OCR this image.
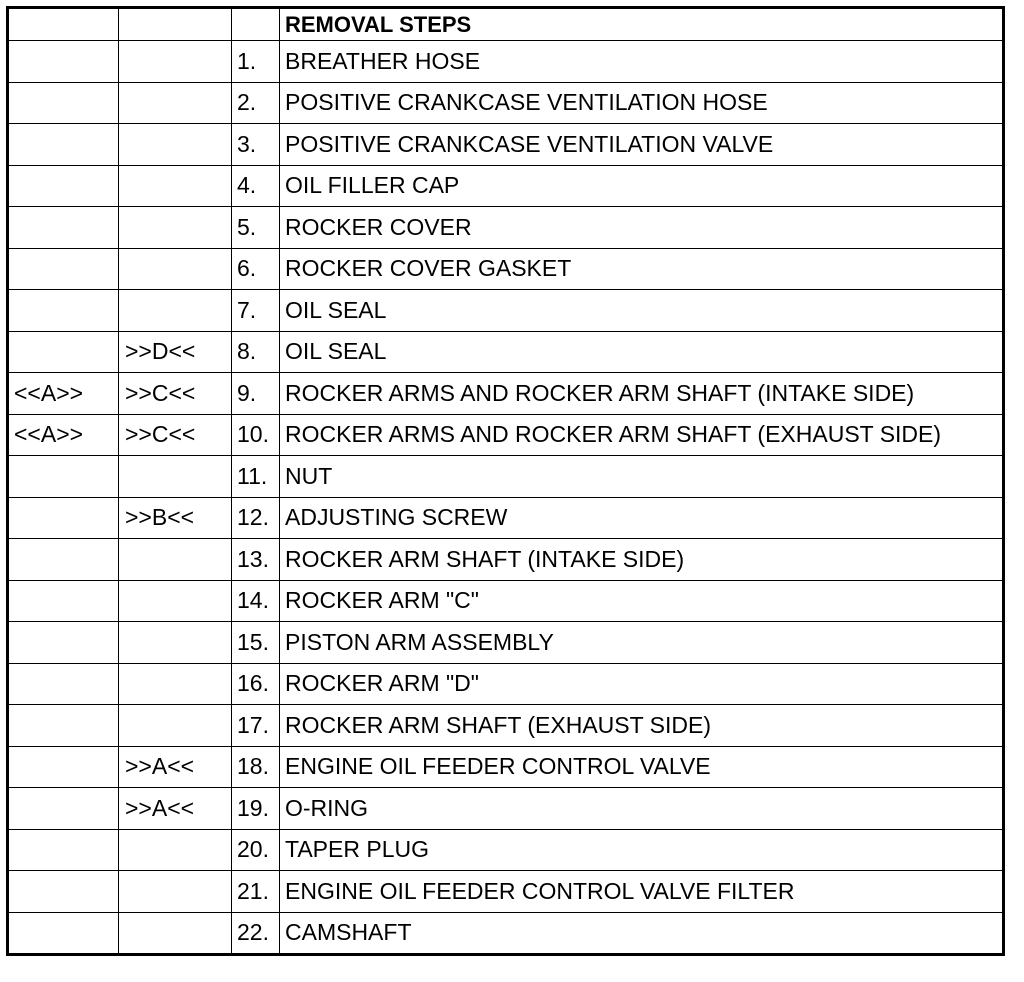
			REMOVAL STEPS
		1.	BREATHER HOSE
		2.	POSITIVE CRANKCASE VENTILATION HOSE
		3.	POSITIVE CRANKCASE VENTILATION VALVE
		4.	OIL FILLER CAP
		5.	ROCKER COVER
		6.	ROCKER COVER GASKET
		7.	OIL SEAL
	>>D<<	8.	OIL SEAL
<<A>>	>>C<<	9.	ROCKER ARMS AND ROCKER ARM SHAFT (INTAKE SIDE)
<<A>>	>>C<<	10.	ROCKER ARMS AND ROCKER ARM SHAFT (EXHAUST SIDE)
		11.	NUT
	>>B<<	12.	ADJUSTING SCREW
		13.	ROCKER ARM SHAFT (INTAKE SIDE)
		14.	ROCKER ARM "C"
		15.	PISTON ARM ASSEMBLY
		16.	ROCKER ARM "D"
		17.	ROCKER ARM SHAFT (EXHAUST SIDE)
	>>A<<	18.	ENGINE OIL FEEDER CONTROL VALVE
	>>A<<	19.	O-RING
		20.	TAPER PLUG
		21.	ENGINE OIL FEEDER CONTROL VALVE FILTER
		22.	CAMSHAFT
